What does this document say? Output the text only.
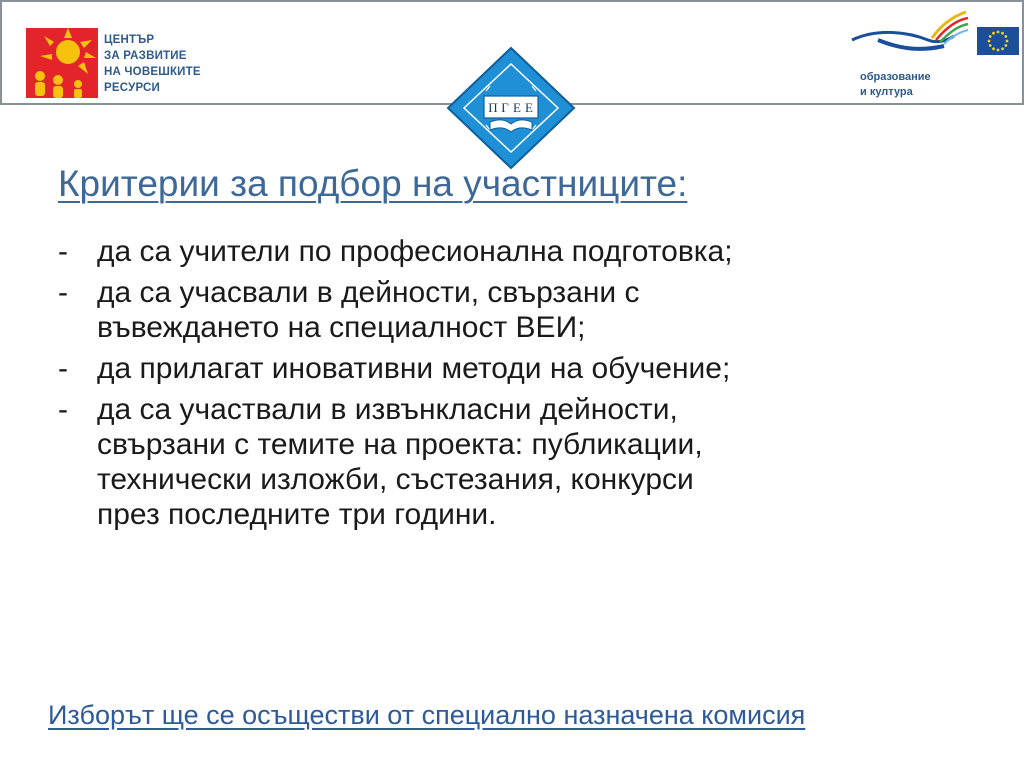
ЦЕНТЪР
ЗА РАЗВИТИЕ
НА ЧОВЕШКИТЕ
РЕСУРСИ
образование
и култура
П Г Е Е
Критерии за подбор на участниците:
- да са учители по професионална подготовка;
- да са учасвали в дейности, свързани с
въвеждането на специалност ВЕИ;
- да прилагат иновативни методи на обучение;
- да са участвали в извънкласни дейности,
свързани с темите на проекта: публикации,
технически изложби, състезания, конкурси
през последните три години.
Изборът ще се осъществи от специално назначена комисия
